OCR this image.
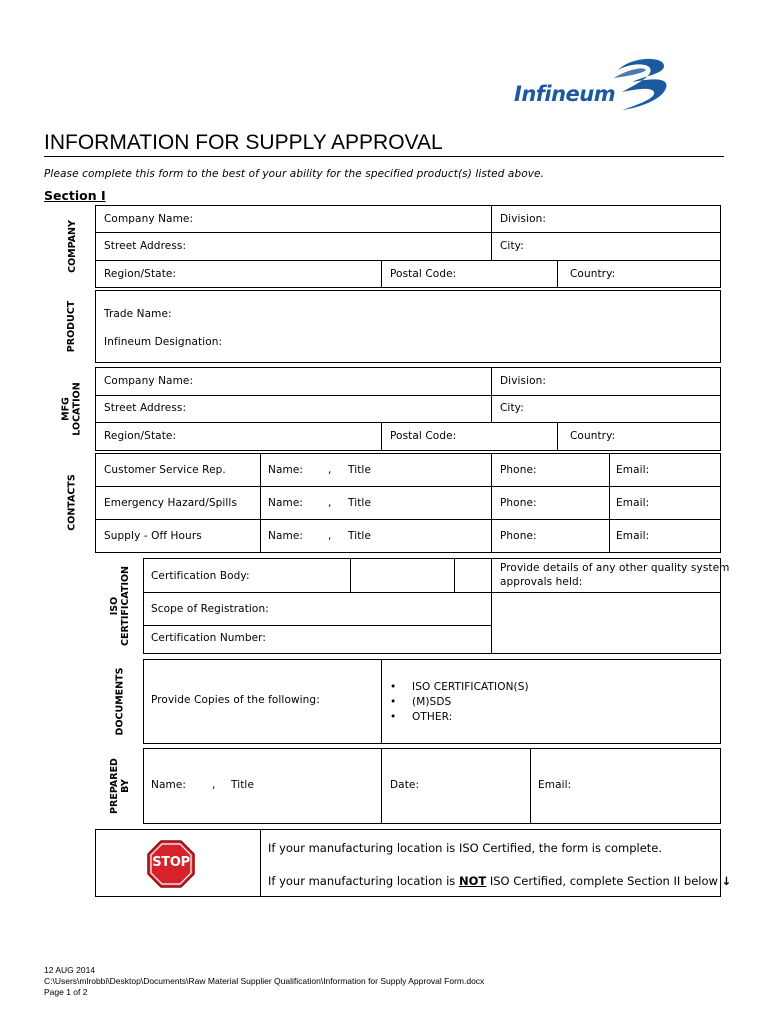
Infineum
INFORMATION FOR SUPPLY APPROVAL
Please complete this form to the best of your ability for the specified product(s) listed above.
Section I
COMPANY
Company Name:	Division:
Street Address:	City:
Region/State:	Postal Code:	Country:
PRODUCT	Trade Name:
Infineum Designation:
MFG LOCATION
Company Name:	Division:
Street Address:	City:
Region/State:	Postal Code:	Country:
CONTACTS
Customer Service Rep.	Name: , Title	Phone:	Email:
Emergency Hazard/Spills	Name: , Title	Phone:	Email:
Supply - Off Hours	Name: , Title	Phone:	Email:
ISO CERTIFICATION Certification Body:
Scope of Registration:
Certification Number:
Provide details of any other quality system
approvals held:
DOCUMENTS Provide Copies of the following:
• ISO CERTIFICATION(S)
• (M)SDS
• OTHER:
PREPARED BY Name: , Title	Date:	Email:
STOP
If your manufacturing location is ISO Certified, the form is complete.
If your manufacturing location is NOT ISO Certified, complete Section II below ↓
12 AUG 2014
C:\Users\mlrobbi\Desktop\Documents\Raw Material Supplier Qualification\Information for Supply Approval Form.docx
Page 1 of 2
